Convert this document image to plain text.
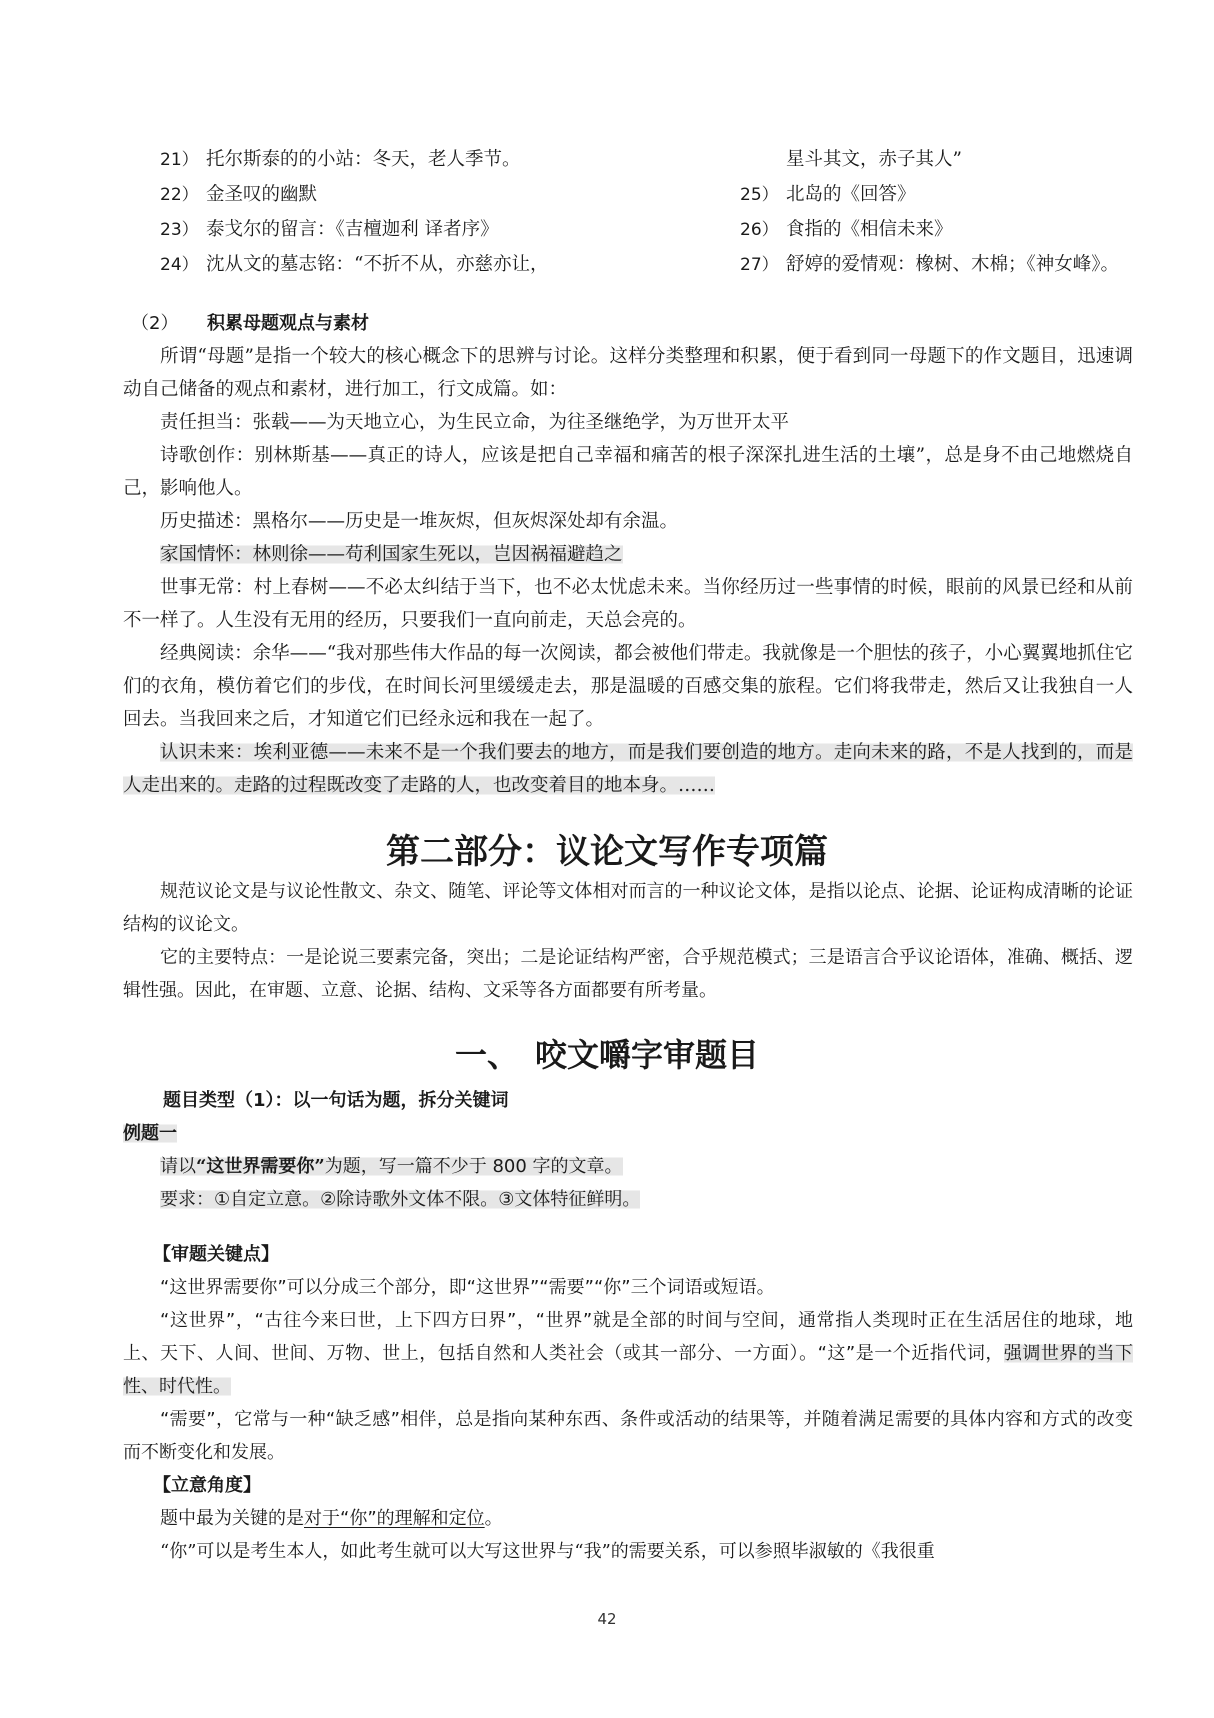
21） 托尔斯泰的的小站：冬天，老人季节。
22） 金圣叹的幽默
23） 泰戈尔的留言：《吉檀迦利 译者序》
24） 沈从文的墓志铭：“不折不从，亦慈亦让，
星斗其文，赤子其人”
25） 北岛的《回答》
26） 食指的《相信未来》
27） 舒婷的爱情观：橡树、木棉；《神女峰》。
（2） 积累母题观点与素材

所谓“母题”是指一个较大的核心概念下的思辨与讨论。这样分类整理和积累，便于看到同一母题下的作文题目，迅速调动自己储备的观点和素材，进行加工，行文成篇。如：

责任担当：张载——为天地立心，为生民立命，为往圣继绝学，为万世开太平

诗歌创作：别林斯基——真正的诗人，应该是把自己幸福和痛苦的根子深深扎进生活的土壤”，总是身不由己地燃烧自己，影响他人。

历史描述：黑格尔——历史是一堆灰烬，但灰烬深处却有余温。

家国情怀：林则徐——苟利国家生死以，岂因祸福避趋之

世事无常：村上春树——不必太纠结于当下，也不必太忧虑未来。当你经历过一些事情的时候，眼前的风景已经和从前不一样了。人生没有无用的经历，只要我们一直向前走，天总会亮的。

经典阅读：余华——“我对那些伟大作品的每一次阅读，都会被他们带走。我就像是一个胆怯的孩子，小心翼翼地抓住它们的衣角，模仿着它们的步伐，在时间长河里缓缓走去，那是温暖的百感交集的旅程。它们将我带走，然后又让我独自一人回去。当我回来之后，才知道它们已经永远和我在一起了。

认识未来：埃利亚德——未来不是一个我们要去的地方，而是我们要创造的地方。走向未来的路，不是人找到的，而是人走出来的。走路的过程既改变了走路的人，也改变着目的地本身。……

第二部分：议论文写作专项篇

规范议论文是与议论性散文、杂文、随笔、评论等文体相对而言的一种议论文体，是指以论点、论据、论证构成清晰的论证结构的议论文。

它的主要特点：一是论说三要素完备，突出；二是论证结构严密，合乎规范模式；三是语言合乎议论语体，准确、概括、逻辑性强。因此，在审题、立意、论据、结构、文采等各方面都要有所考量。

一、　咬文嚼字审题目
题目类型（1）：以一句话为题，拆分关键词
例题一

请以“这世界需要你”为题，写一篇不少于 800 字的文章。

要求：①自定立意。②除诗歌外文体不限。③文体特征鲜明。

【审题关键点】

“这世界需要你”可以分成三个部分，即“这世界”“需要”“你”三个词语或短语。

“这世界”，“古往今来曰世，上下四方曰界”，“世界”就是全部的时间与空间，通常指人类现时正在生活居住的地球，地上、天下、人间、世间、万物、世上，包括自然和人类社会（或其一部分、一方面）。“这”是一个近指代词，强调世界的当下性、时代性。

“需要”，它常与一种“缺乏感”相伴，总是指向某种东西、条件或活动的结果等，并随着满足需要的具体内容和方式的改变而不断变化和发展。

【立意角度】

题中最为关键的是对于“你”的理解和定位。

“你”可以是考生本人，如此考生就可以大写这世界与“我”的需要关系，可以参照毕淑敏的《我很重

42
